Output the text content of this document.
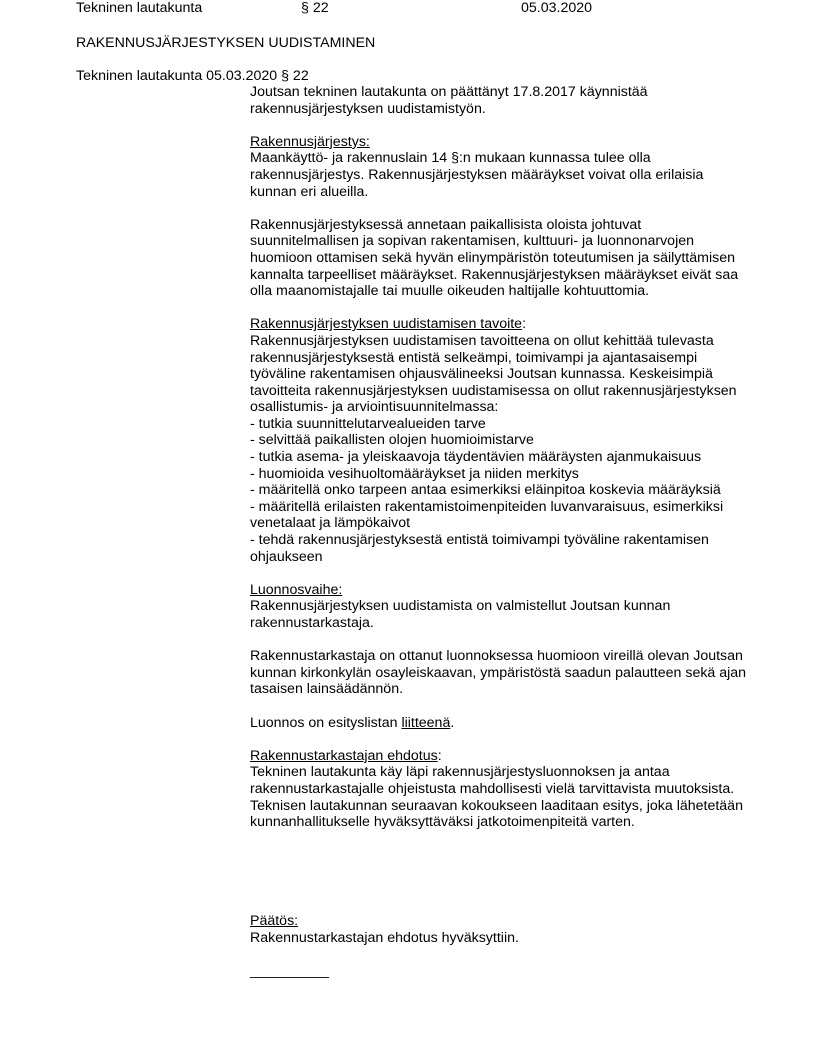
Tekninen lautakunta	§ 22	05.03.2020
RAKENNUSJÄRJESTYKSEN UUDISTAMINEN
Tekninen lautakunta 05.03.2020 § 22

Joutsan tekninen lautakunta on päättänyt 17.8.2017 käynnistää rakennusjärjestyksen uudistamistyön.

Rakennusjärjestys:

Maankäyttö- ja rakennuslain 14 §:n mukaan kunnassa tulee olla rakennusjärjestys. Rakennusjärjestyksen määräykset voivat olla erilaisia kunnan eri alueilla.

Rakennusjärjestyksessä annetaan paikallisista oloista johtuvat suunnitelmallisen ja sopivan rakentamisen, kulttuuri- ja luonnonarvojen huomioon ottamisen sekä hyvän elinympäristön toteutumisen ja säilyttämisen kannalta tarpeelliset määräykset. Rakennusjärjestyksen määräykset eivät saa olla maanomistajalle tai muulle oikeuden haltijalle kohtuuttomia.

Rakennusjärjestyksen uudistamisen tavoite:

Rakennusjärjestyksen uudistamisen tavoitteena on ollut kehittää tulevasta rakennusjärjestyksestä entistä selkeämpi, toimivampi ja ajantasaisempi työväline rakentamisen ohjausvälineeksi Joutsan kunnassa. Keskeisimpiä tavoitteita rakennusjärjestyksen uudistamisessa on ollut rakennusjärjestyksen osallistumis- ja arviointisuunnitelmassa:

- tutkia suunnittelutarvealueiden tarve
- selvittää paikallisten olojen huomioimistarve
- tutkia asema- ja yleiskaavoja täydentävien määräysten ajanmukaisuus
- huomioida vesihuoltomääräykset ja niiden merkitys
- määritellä onko tarpeen antaa esimerkiksi eläinpitoa koskevia määräyksiä
- määritellä erilaisten rakentamistoimenpiteiden luvanvaraisuus, esimerkiksi venetalaat ja lämpökaivot
- tehdä rakennusjärjestyksestä entistä toimivampi työväline rakentamisen ohjaukseen

Luonnosvaihe:

Rakennusjärjestyksen uudistamista on valmistellut Joutsan kunnan rakennustarkastaja.

Rakennustarkastaja on ottanut luonnoksessa huomioon vireillä olevan Joutsan kunnan kirkonkylän osayleiskaavan, ympäristöstä saadun palautteen sekä ajan tasaisen lainsäädännön.

Luonnos on esityslistan liitteenä.

Rakennustarkastajan ehdotus:

Tekninen lautakunta käy läpi rakennusjärjestysluonnoksen ja antaa rakennustarkastajalle ohjeistusta mahdollisesti vielä tarvittavista muutoksista. Teknisen lautakunnan seuraavan kokoukseen laaditaan esitys, joka lähetetään kunnanhallitukselle hyväksyttäväksi jatkotoimenpiteitä varten.

Päätös:

Rakennustarkastajan ehdotus hyväksyttiin.

__________
